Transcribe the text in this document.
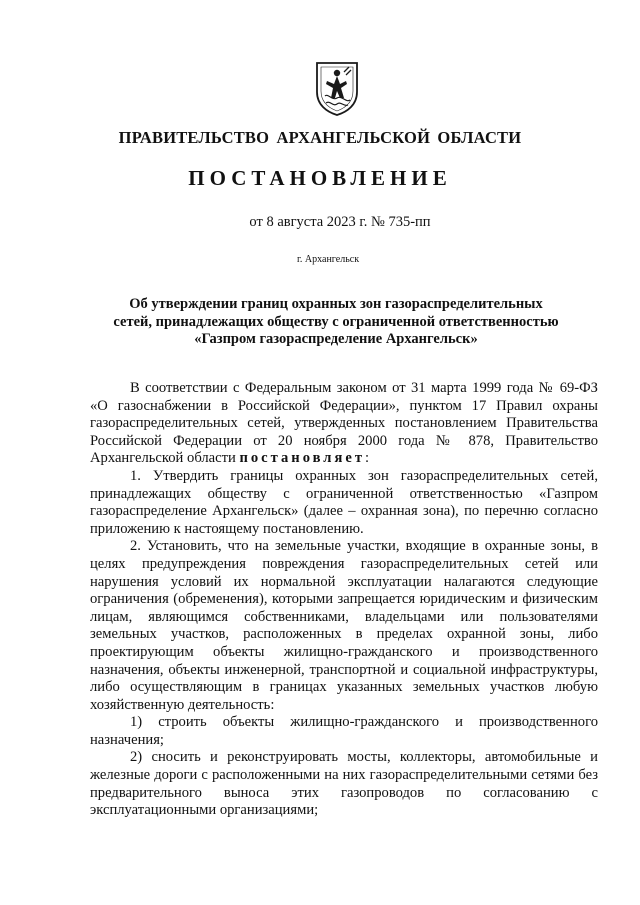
ПРАВИТЕЛЬСТВО АРХАНГЕЛЬСКОЙ ОБЛАСТИ
ПОСТАНОВЛЕНИЕ
от 8 августа 2023 г. № 735-пп
г. Архангельск
Об утверждении границ охранных зон газораспределительных
сетей, принадлежащих обществу с ограниченной ответственностью
«Газпром газораспределение Архангельск»

В соответствии с Федеральным законом от 31 марта 1999 года № 69-ФЗ «О газоснабжении в Российской Федерации», пунктом 17 Правил охраны газораспределительных сетей, утвержденных постановлением Правительства Российской Федерации от 20 ноября 2000 года № 878, Правительство Архангельской области постановляет:

1. Утвердить границы охранных зон газораспределительных сетей, принадлежащих обществу с ограниченной ответственностью «Газпром газораспределение Архангельск» (далее – охранная зона), по перечню согласно приложению к настоящему постановлению.

2. Установить, что на земельные участки, входящие в охранные зоны, в целях предупреждения повреждения газораспределительных сетей или нарушения условий их нормальной эксплуатации налагаются следующие ограничения (обременения), которыми запрещается юридическим и физическим лицам, являющимся собственниками, владельцами или пользователями земельных участков, расположенных в пределах охранной зоны, либо проектирующим объекты жилищно-гражданского и производственного назначения, объекты инженерной, транспортной и социальной инфраструктуры, либо осуществляющим в границах указанных земельных участков любую хозяйственную деятельность:

1) строить объекты жилищно-гражданского и производственного назначения;

2) сносить и реконструировать мосты, коллекторы, автомобильные и железные дороги с расположенными на них газораспределительными сетями без предварительного выноса этих газопроводов по согласованию с эксплуатационными организациями;
